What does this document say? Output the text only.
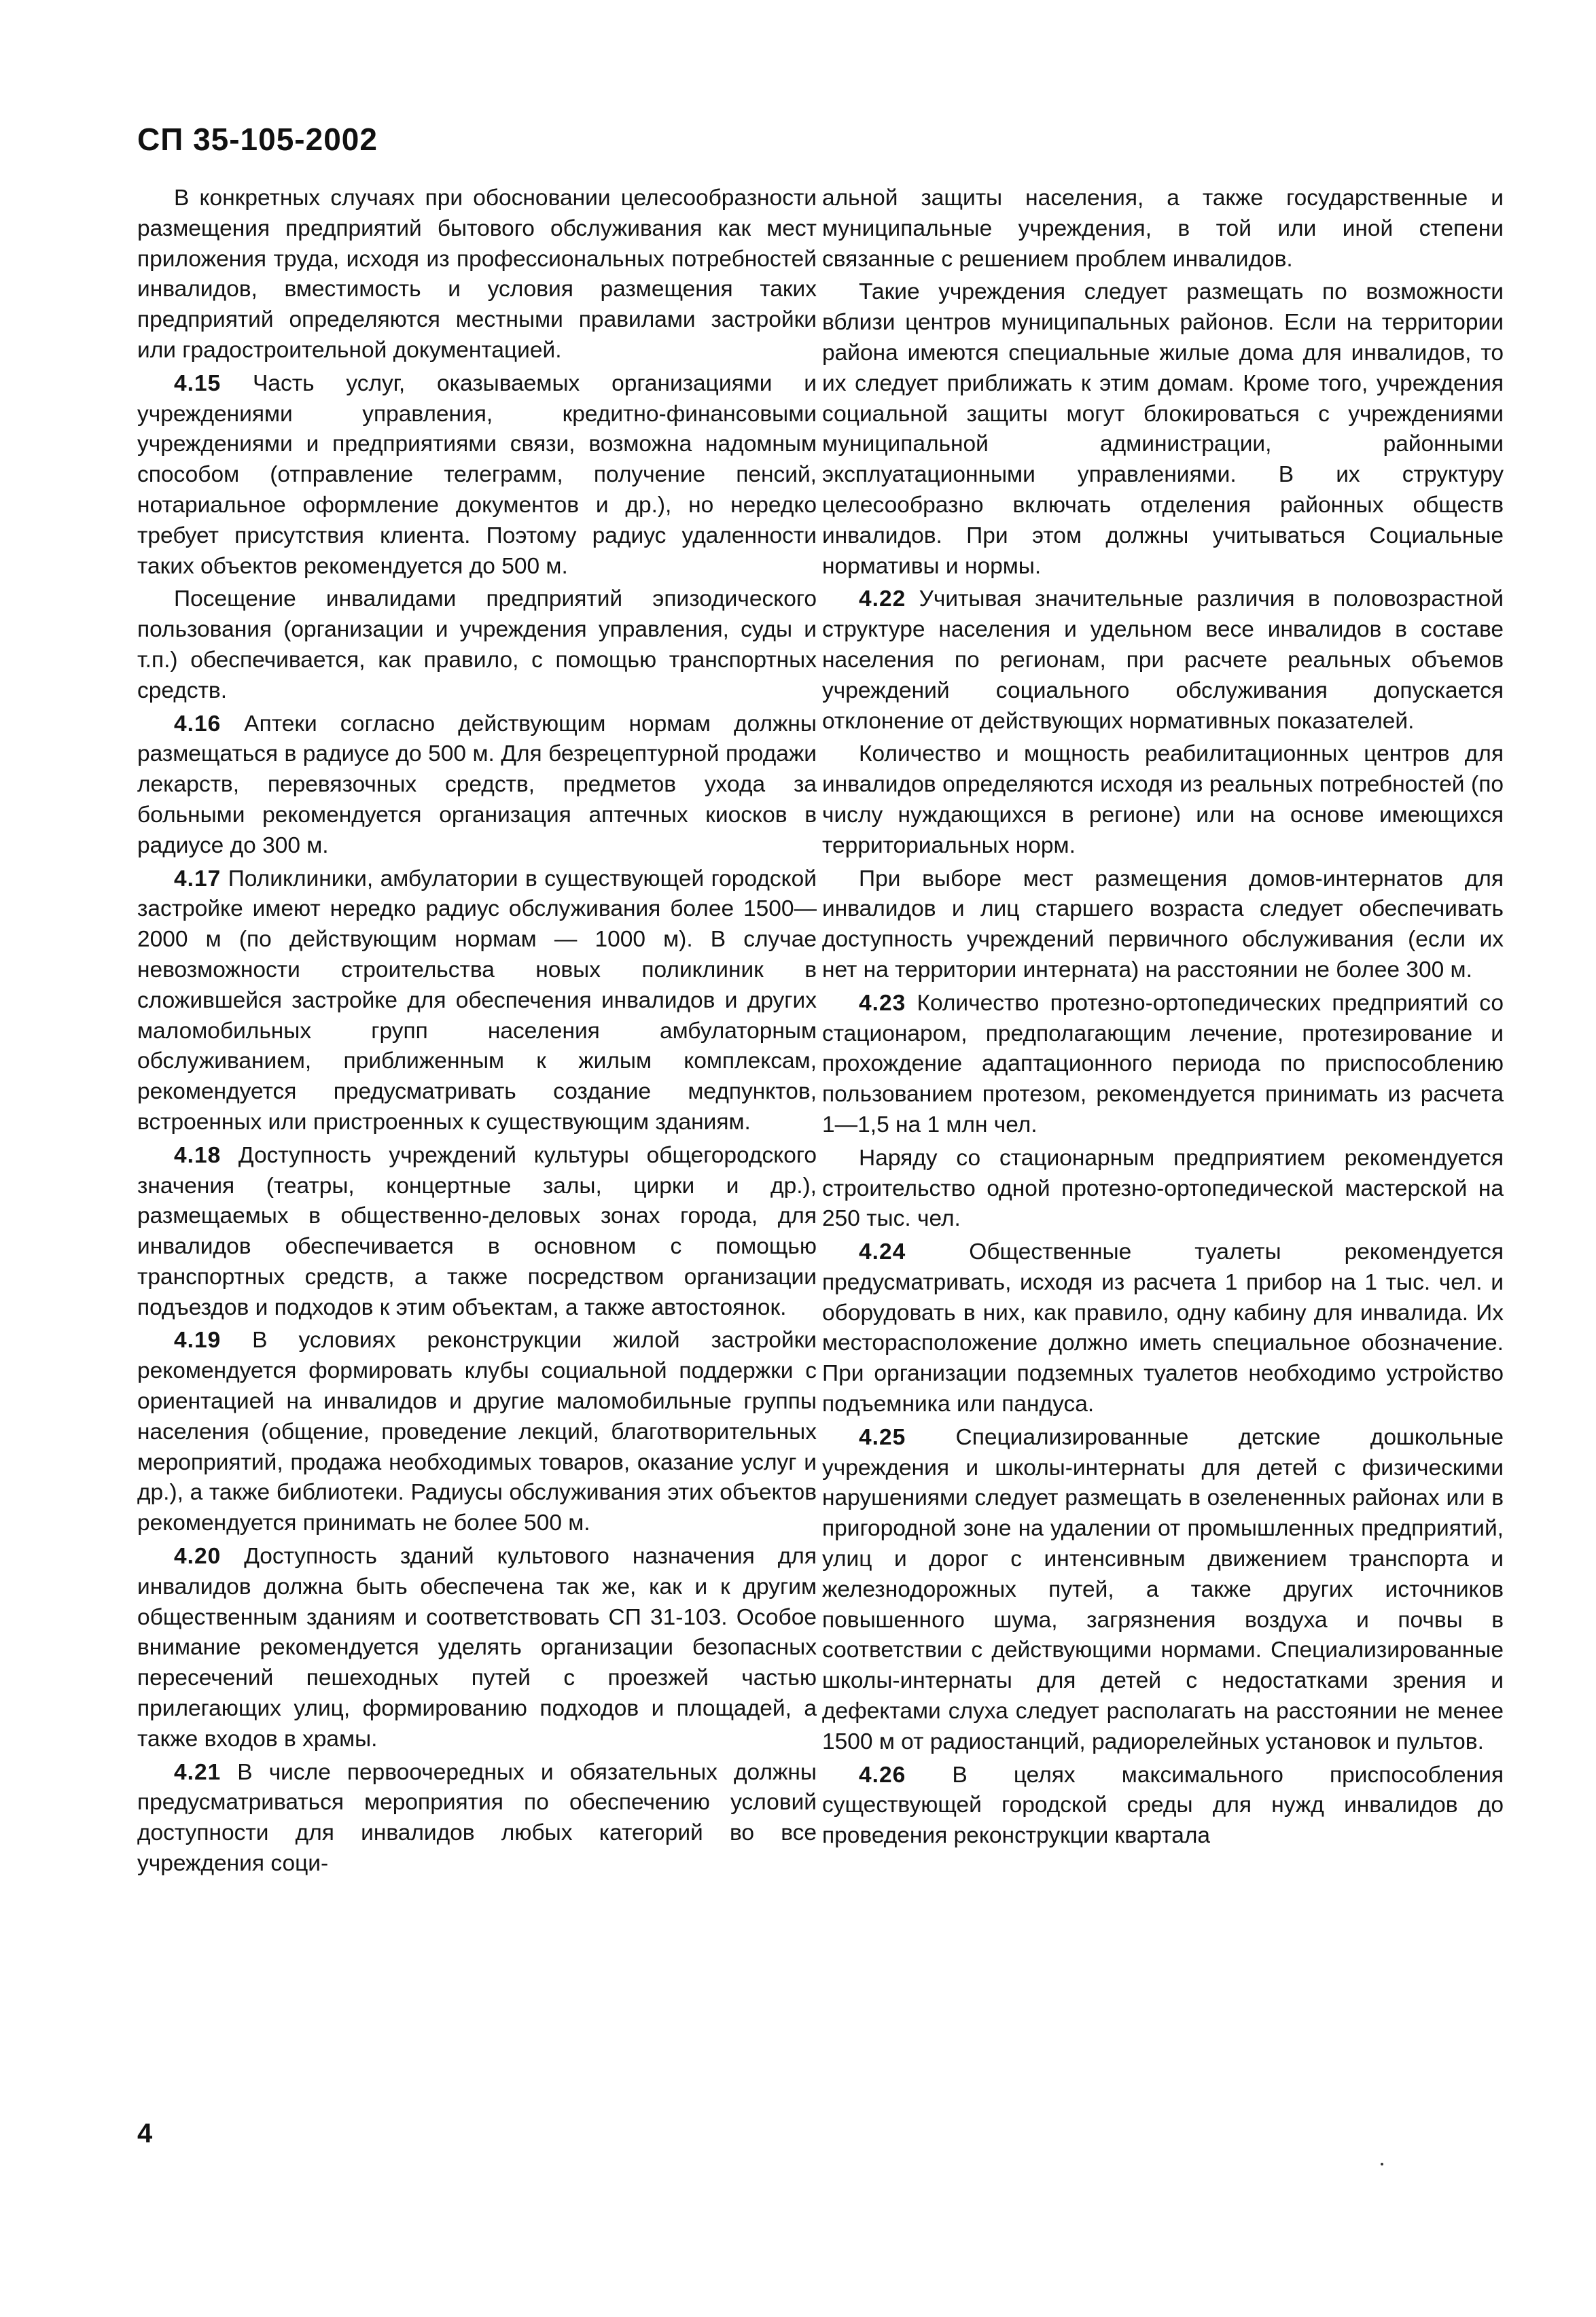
СП 35-105-2002

В конкретных случаях при обосновании целесообразности размещения предприятий бытового обслуживания как мест приложения труда, исходя из профессиональных потребностей инвалидов, вместимость и условия размещения таких предприятий определяются местными правилами застройки или градостроительной документацией.

4.15 Часть услуг, оказываемых организациями и учреждениями управления, кредитно-финансовыми учреждениями и предприятиями связи, возможна надомным способом (отправление телеграмм, получение пенсий, нотариальное оформление документов и др.), но нередко требует присутствия клиента. Поэтому радиус удаленности таких объектов рекомендуется до 500 м.

Посещение инвалидами предприятий эпизодического пользования (организации и учреждения управления, суды и т.п.) обеспечивается, как правило, с помощью транспортных средств.

4.16 Аптеки согласно действующим нормам должны размещаться в радиусе до 500 м. Для безрецептурной продажи лекарств, перевязочных средств, предметов ухода за больными рекомендуется организация аптечных киосков в радиусе до 300 м.

4.17 Поликлиники, амбулатории в существующей городской застройке имеют нередко радиус обслуживания более 1500—2000 м (по действующим нормам — 1000 м). В случае невозможности строительства новых поликлиник в сложившейся застройке для обеспечения инвалидов и других маломобильных групп населения амбулаторным обслуживанием, приближенным к жилым комплексам, рекомендуется предусматривать создание медпунктов, встроенных или пристроенных к существующим зданиям.

4.18 Доступность учреждений культуры общегородского значения (театры, концертные залы, цирки и др.), размещаемых в общественно-деловых зонах города, для инвалидов обеспечивается в основном с помощью транспортных средств, а также посредством организации подъездов и подходов к этим объектам, а также автостоянок.

4.19 В условиях реконструкции жилой застройки рекомендуется формировать клубы социальной поддержки с ориентацией на инвалидов и другие маломобильные группы населения (общение, проведение лекций, благотворительных мероприятий, продажа необходимых товаров, оказание услуг и др.), а также библиотеки. Радиусы обслуживания этих объектов рекомендуется принимать не более 500 м.

4.20 Доступность зданий культового назначения для инвалидов должна быть обеспечена так же, как и к другим общественным зданиям и соответствовать СП 31-103. Особое внимание рекомендуется уделять организации безопасных пересечений пешеходных путей с проезжей частью прилегающих улиц, формированию подходов и площадей, а также входов в храмы.

4.21 В числе первоочередных и обязательных должны предусматриваться мероприятия по обеспечению условий доступности для инвалидов любых категорий во все учреждения соци-

альной защиты населения, а также государственные и муниципальные учреждения, в той или иной степени связанные с решением проблем инвалидов.

Такие учреждения следует размещать по возможности вблизи центров муниципальных районов. Если на территории района имеются специальные жилые дома для инвалидов, то их следует приближать к этим домам. Кроме того, учреждения социальной защиты могут блокироваться с учреждениями муниципальной администрации, районными эксплуатационными управлениями. В их структуру целесообразно включать отделения районных обществ инвалидов. При этом должны учитываться Социальные нормативы и нормы.

4.22 Учитывая значительные различия в половозрастной структуре населения и удельном весе инвалидов в составе населения по регионам, при расчете реальных объемов учреждений социального обслуживания допускается отклонение от действующих нормативных показателей.

Количество и мощность реабилитационных центров для инвалидов определяются исходя из реальных потребностей (по числу нуждающихся в регионе) или на основе имеющихся территориальных норм.

При выборе мест размещения домов-интернатов для инвалидов и лиц старшего возраста следует обеспечивать доступность учреждений первичного обслуживания (если их нет на территории интерната) на расстоянии не более 300 м.

4.23 Количество протезно-ортопедических предприятий со стационаром, предполагающим лечение, протезирование и прохождение адаптационного периода по приспособлению пользованием протезом, рекомендуется принимать из расчета 1—1,5 на 1 млн чел.

Наряду со стационарным предприятием рекомендуется строительство одной протезно-ортопедической мастерской на 250 тыс. чел.

4.24 Общественные туалеты рекомендуется предусматривать, исходя из расчета 1 прибор на 1 тыс. чел. и оборудовать в них, как правило, одну кабину для инвалида. Их месторасположение должно иметь специальное обозначение. При организации подземных туалетов необходимо устройство подъемника или пандуса.

4.25 Специализированные детские дошкольные учреждения и школы-интернаты для детей с физическими нарушениями следует размещать в озелененных районах или в пригородной зоне на удалении от промышленных предприятий, улиц и дорог с интенсивным движением транспорта и железнодорожных путей, а также других источников повышенного шума, загрязнения воздуха и почвы в соответствии с действующими нормами. Специализированные школы-интернаты для детей с недостатками зрения и дефектами слуха следует располагать на расстоянии не менее 1500 м от радиостанций, радиорелейных установок и пультов.

4.26 В целях максимального приспособления существующей городской среды для нужд инвалидов до проведения реконструкции квартала

4
